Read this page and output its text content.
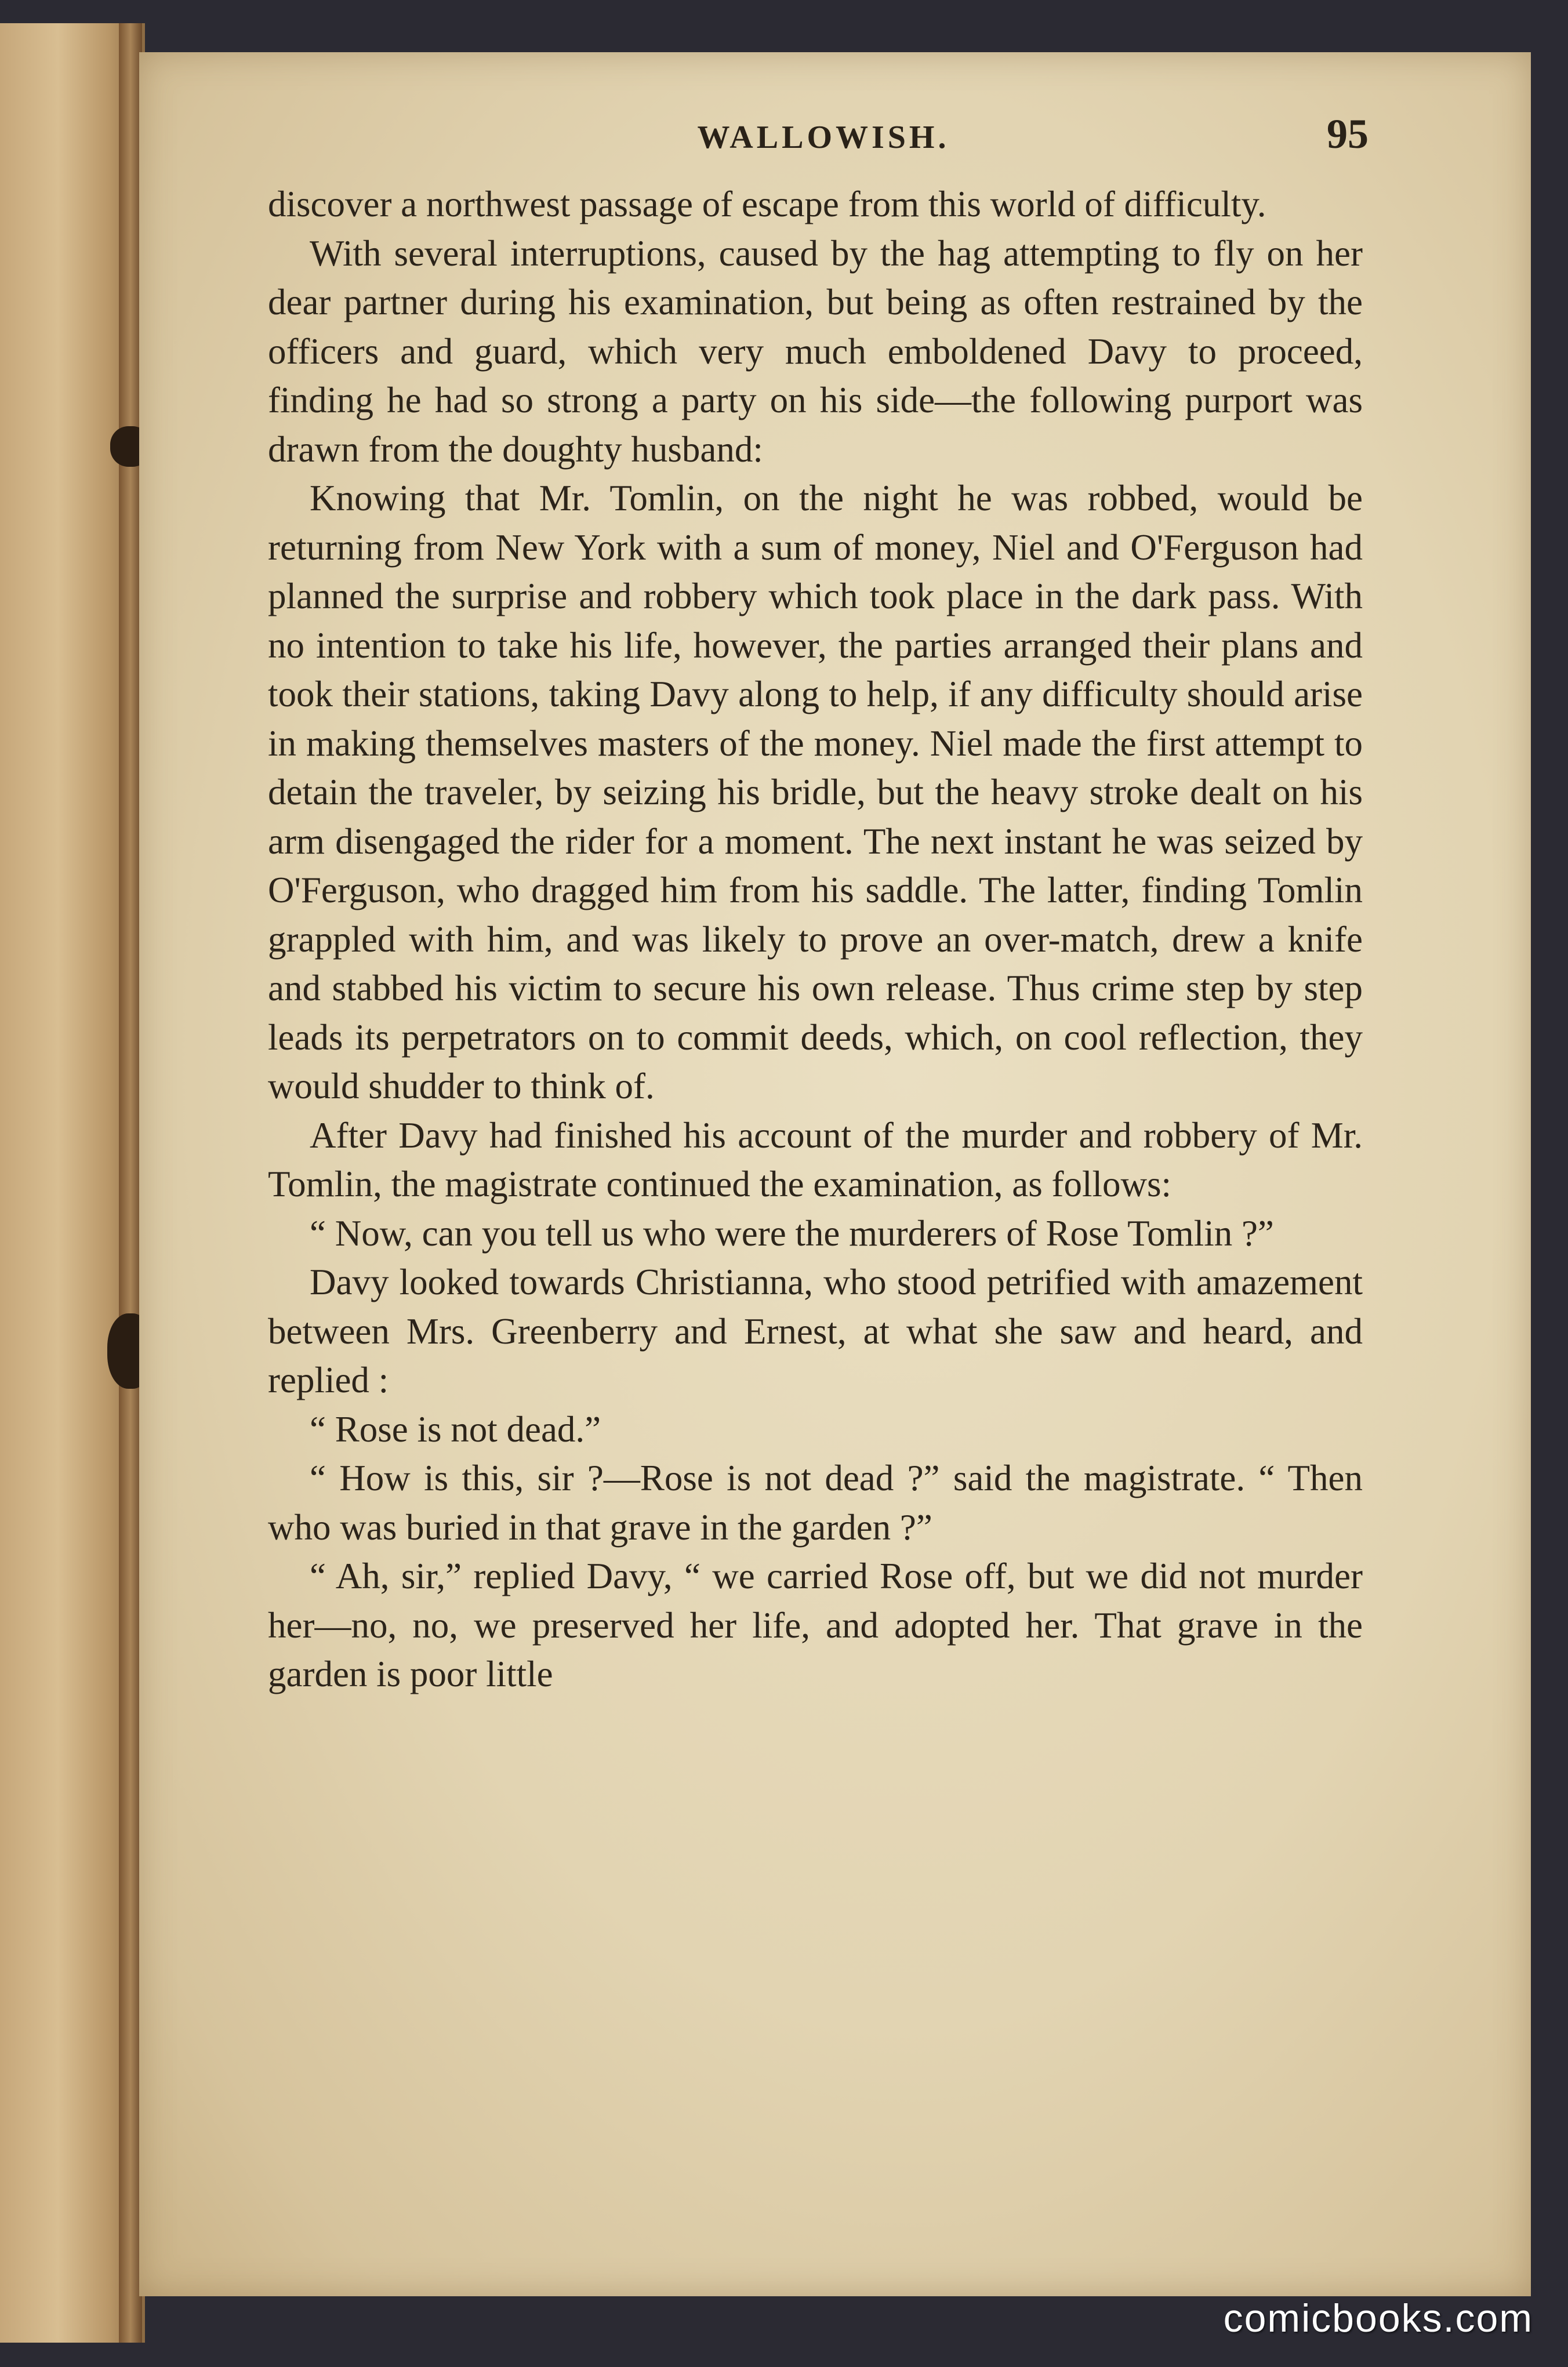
WALLOWISH.	95

discover a northwest passage of escape from this world of difficulty.

With several interruptions, caused by the hag attempting to fly on her dear partner during his examination, but being as often restrained by the officers and guard, which very much emboldened Davy to proceed, finding he had so strong a party on his side—the following purport was drawn from the doughty husband:

Knowing that Mr. Tomlin, on the night he was robbed, would be returning from New York with a sum of money, Niel and O'Ferguson had planned the surprise and robbery which took place in the dark pass. With no intention to take his life, however, the parties arranged their plans and took their stations, taking Davy along to help, if any difficulty should arise in making themselves masters of the money. Niel made the first attempt to detain the traveler, by seizing his bridle, but the heavy stroke dealt on his arm disengaged the rider for a moment. The next instant he was seized by O'Ferguson, who dragged him from his saddle. The latter, finding Tomlin grappled with him, and was likely to prove an over-match, drew a knife and stabbed his victim to secure his own release. Thus crime step by step leads its perpetrators on to commit deeds, which, on cool reflection, they would shudder to think of.

After Davy had finished his account of the murder and robbery of Mr. Tomlin, the magistrate continued the examination, as follows:

“ Now, can you tell us who were the murderers of Rose Tomlin ?”

Davy looked towards Christianna, who stood petrified with amazement between Mrs. Greenberry and Ernest, at what she saw and heard, and replied :

“ Rose is not dead.”

“ How is this, sir ?—Rose is not dead ?” said the magistrate. “ Then who was buried in that grave in the garden ?”

“ Ah, sir,” replied Davy, “ we carried Rose off, but we did not murder her—no, no, we preserved her life, and adopted her. That grave in the garden is poor little

comicbooks.com
